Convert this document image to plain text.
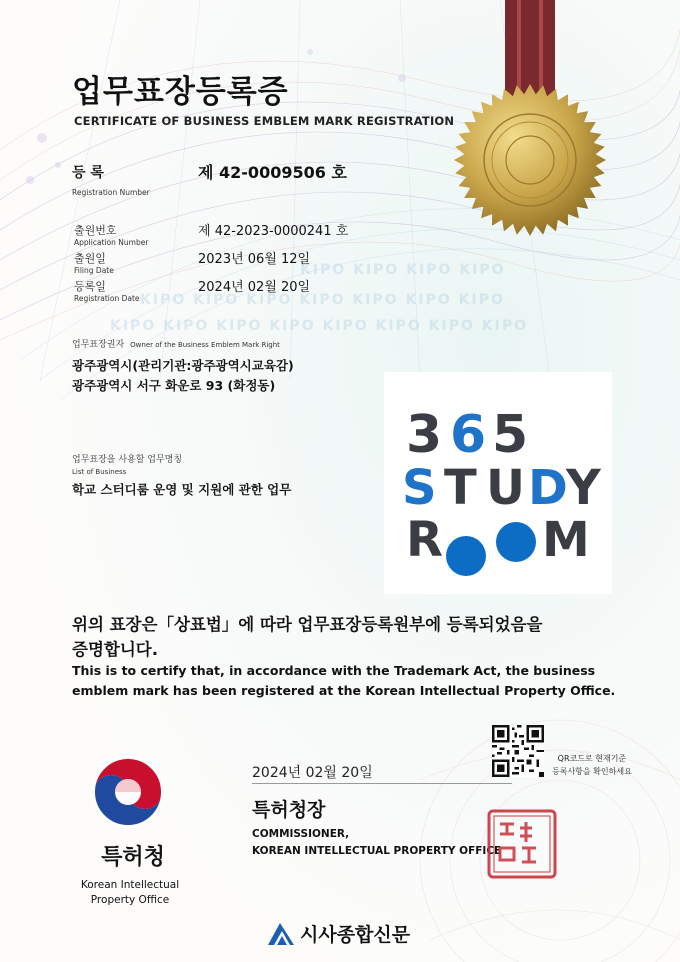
KIPO KIPO KIPO KIPO
KIPO KIPO KIPO KIPO KIPO KIPO KIPO
KIPO KIPO KIPO KIPO KIPO KIPO KIPO KIPO
업무표장등록증
CERTIFICATE OF BUSINESS EMBLEM MARK REGISTRATION
등 록
Registration Number
제 42-0009506 호
출원번호
Application Number
제 42-2023-0000241 호
출원일
Filing Date
2023년 06월 12일
등록일
Registration Date
2024년 02월 20일
업무표장권자 Owner of the Business Emblem Mark Right
광주광역시(관리기관:광주광역시교육감)
광주광역시 서구 화운로 93 (화정동)
업무표장을 사용할 업무명칭
List of Business
학교 스터디룸 운영 및 지원에 관한 업무
3 6 5
S T U D
Y
R M
위의 표장은「상표법」에 따라 업무표장등록원부에 등록되었음을
증명합니다.
This is to certify that, in accordance with the Trademark Act, the business
emblem mark has been registered at the Korean Intellectual Property Office.
QR코드로 현재기준
등록사항을 확인하세요
2024년 02월 20일
특허청장
COMMISSIONER,
KOREAN INTELLECTUAL PROPERTY OFFICE
특허청
Korean Intellectual
Property Office
시사종합신문
